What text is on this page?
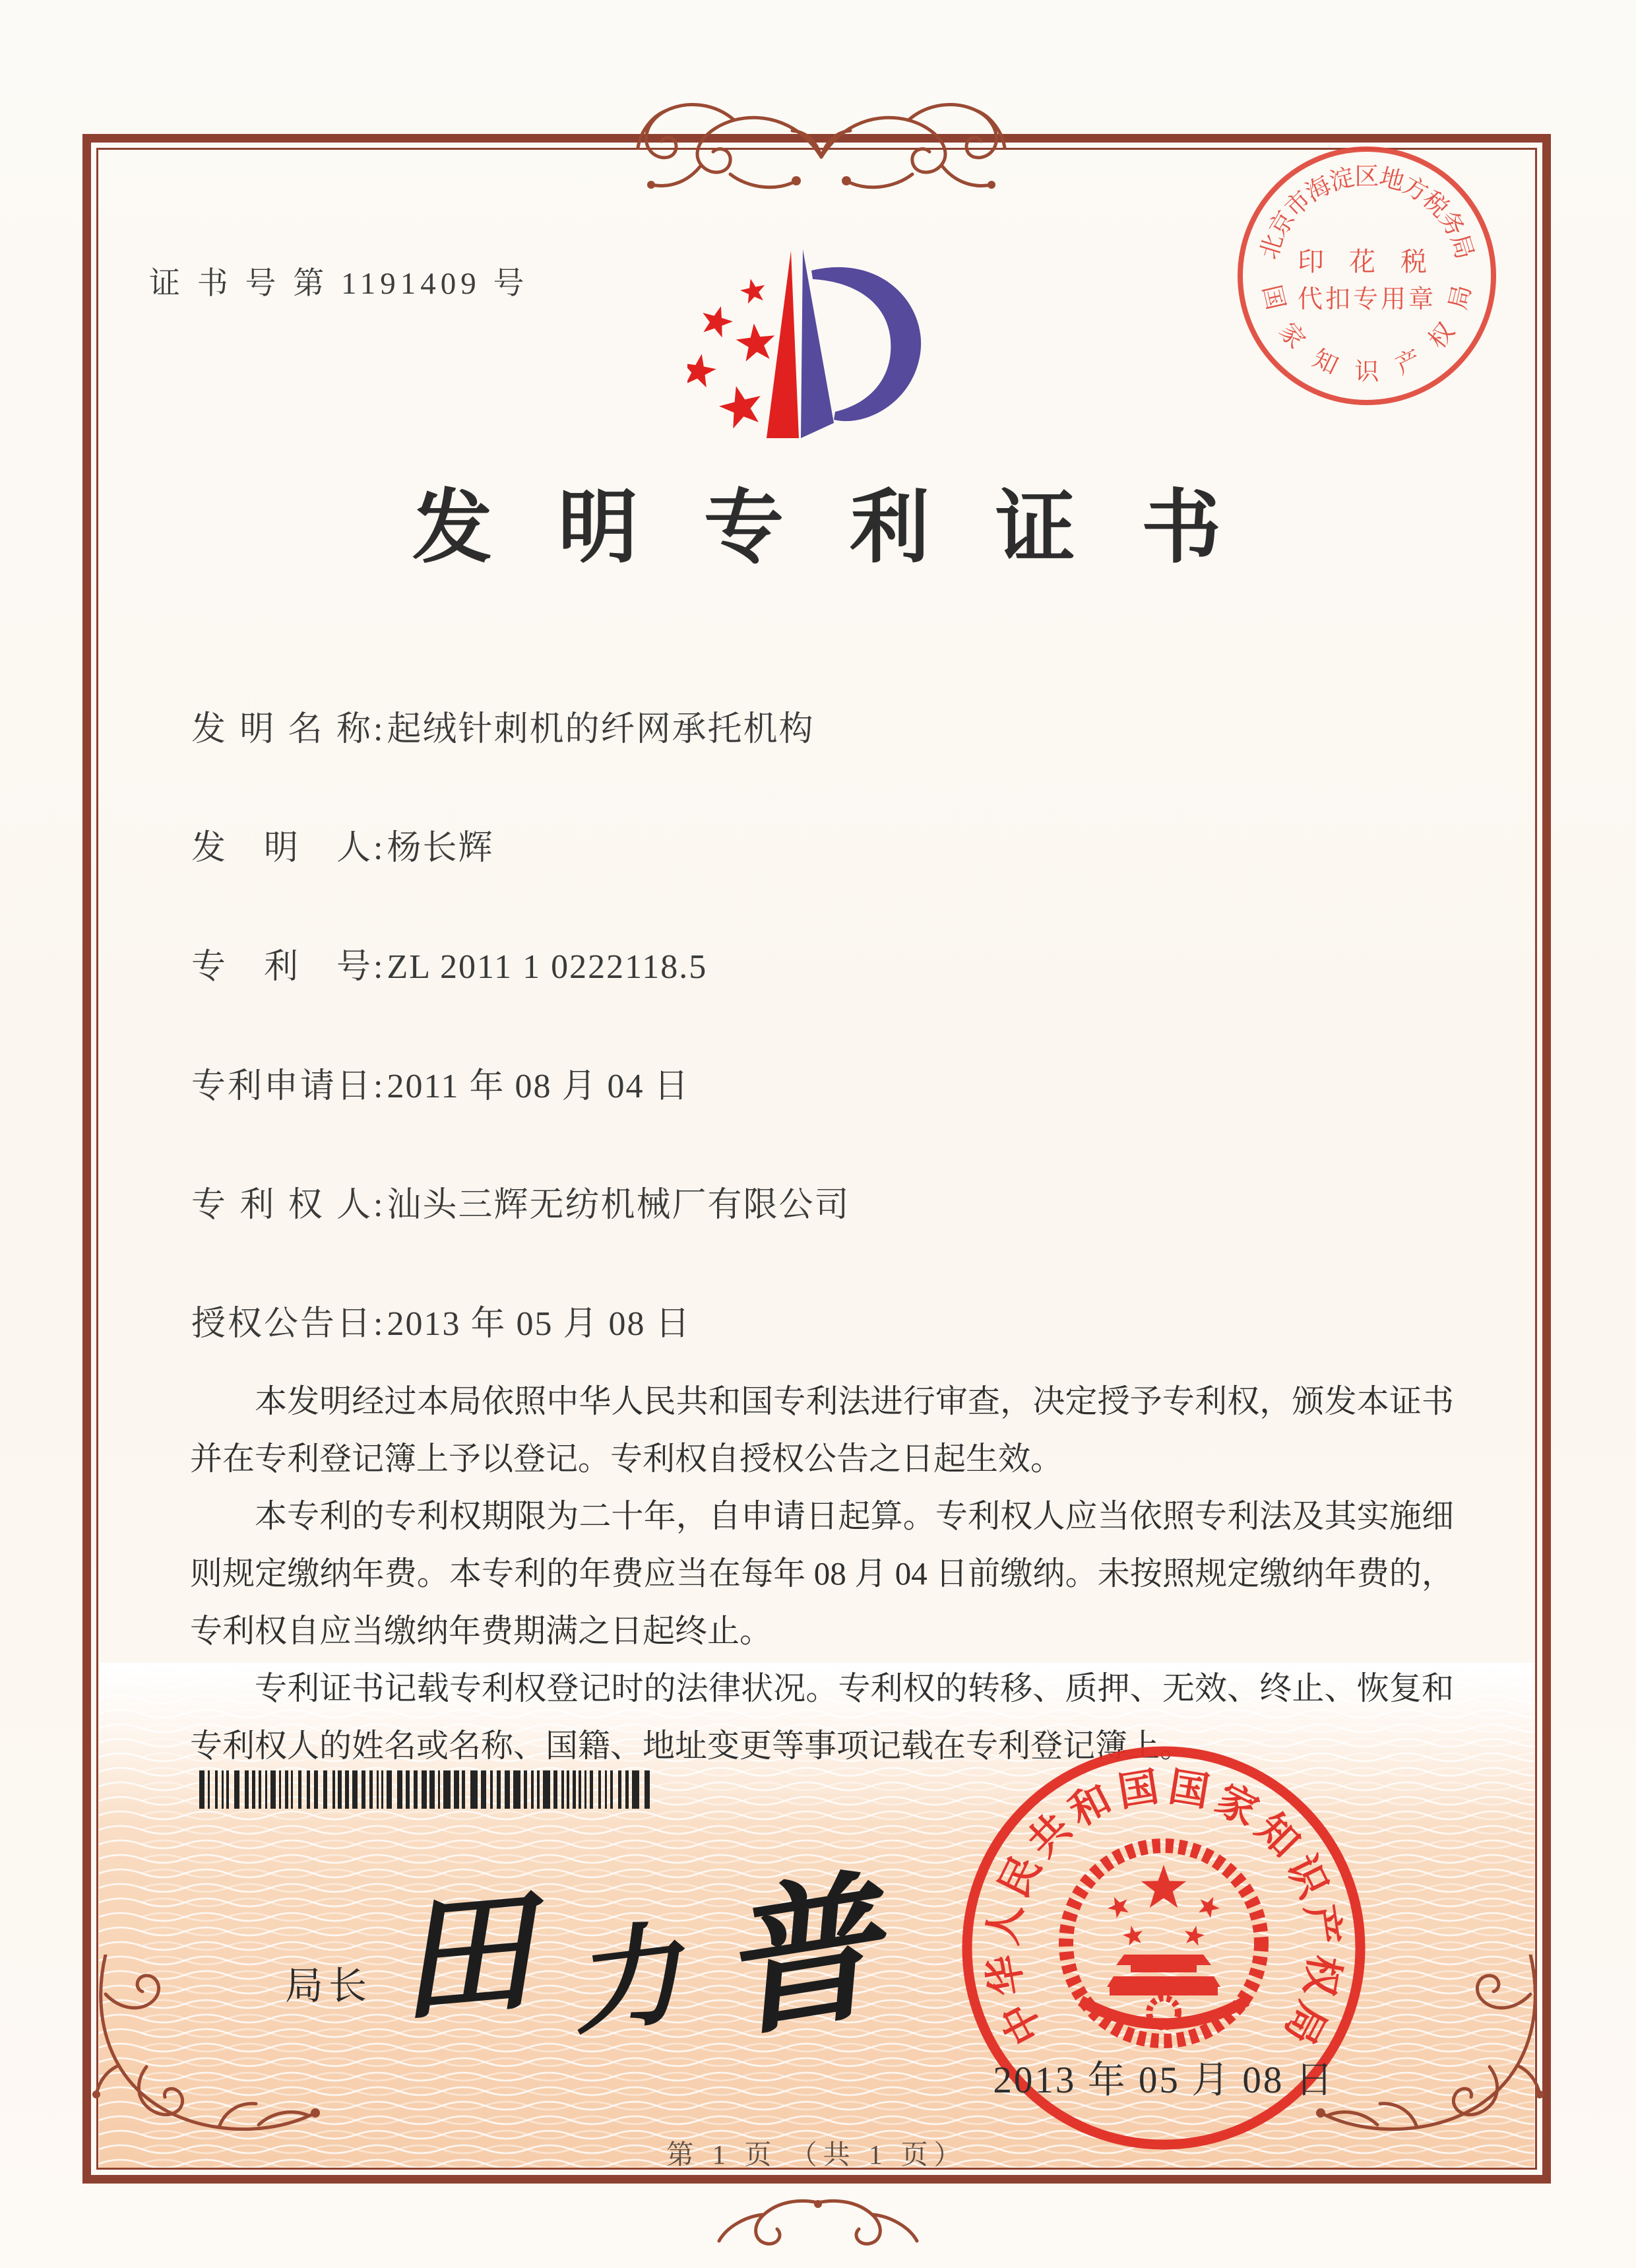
证 书 号 第 1191409 号
北
京
市
海
淀
区
地
方
税
务
局
国
家
知 识 产
权
局
印 花 税
代扣专用章
发明专利证书
发明名称: 起绒针刺机的纤网承托机构
发明人: 杨长辉
专利号: ZL 2011 1 0222118.5
专利申请日: 2011 年 08 月 04 日
专利权人: 汕头三辉无纺机械厂有限公司
授权公告日: 2013 年 05 月 08 日

本发明经过本局依照中华人民共和国专利法进行审查，决定授予专利权，颁发本证书并在专利登记簿上予以登记。专利权自授权公告之日起生效。

本专利的专利权期限为二十年，自申请日起算。专利权人应当依照专利法及其实施细则规定缴纳年费。本专利的年费应当在每年 08 月 04 日前缴纳。未按照规定缴纳年费的，专利权自应当缴纳年费期满之日起终止。

专利证书记载专利权登记时的法律状况。专利权的转移、质押、无效、终止、恢复和专利权人的姓名或名称、国籍、地址变更等事项记载在专利登记簿上。

局长 田 力 普	中
华
人
民
共
和
国 国
家
知
识
产
权
局
2013 年 05 月 08 日
第 1 页 （共 1 页）
